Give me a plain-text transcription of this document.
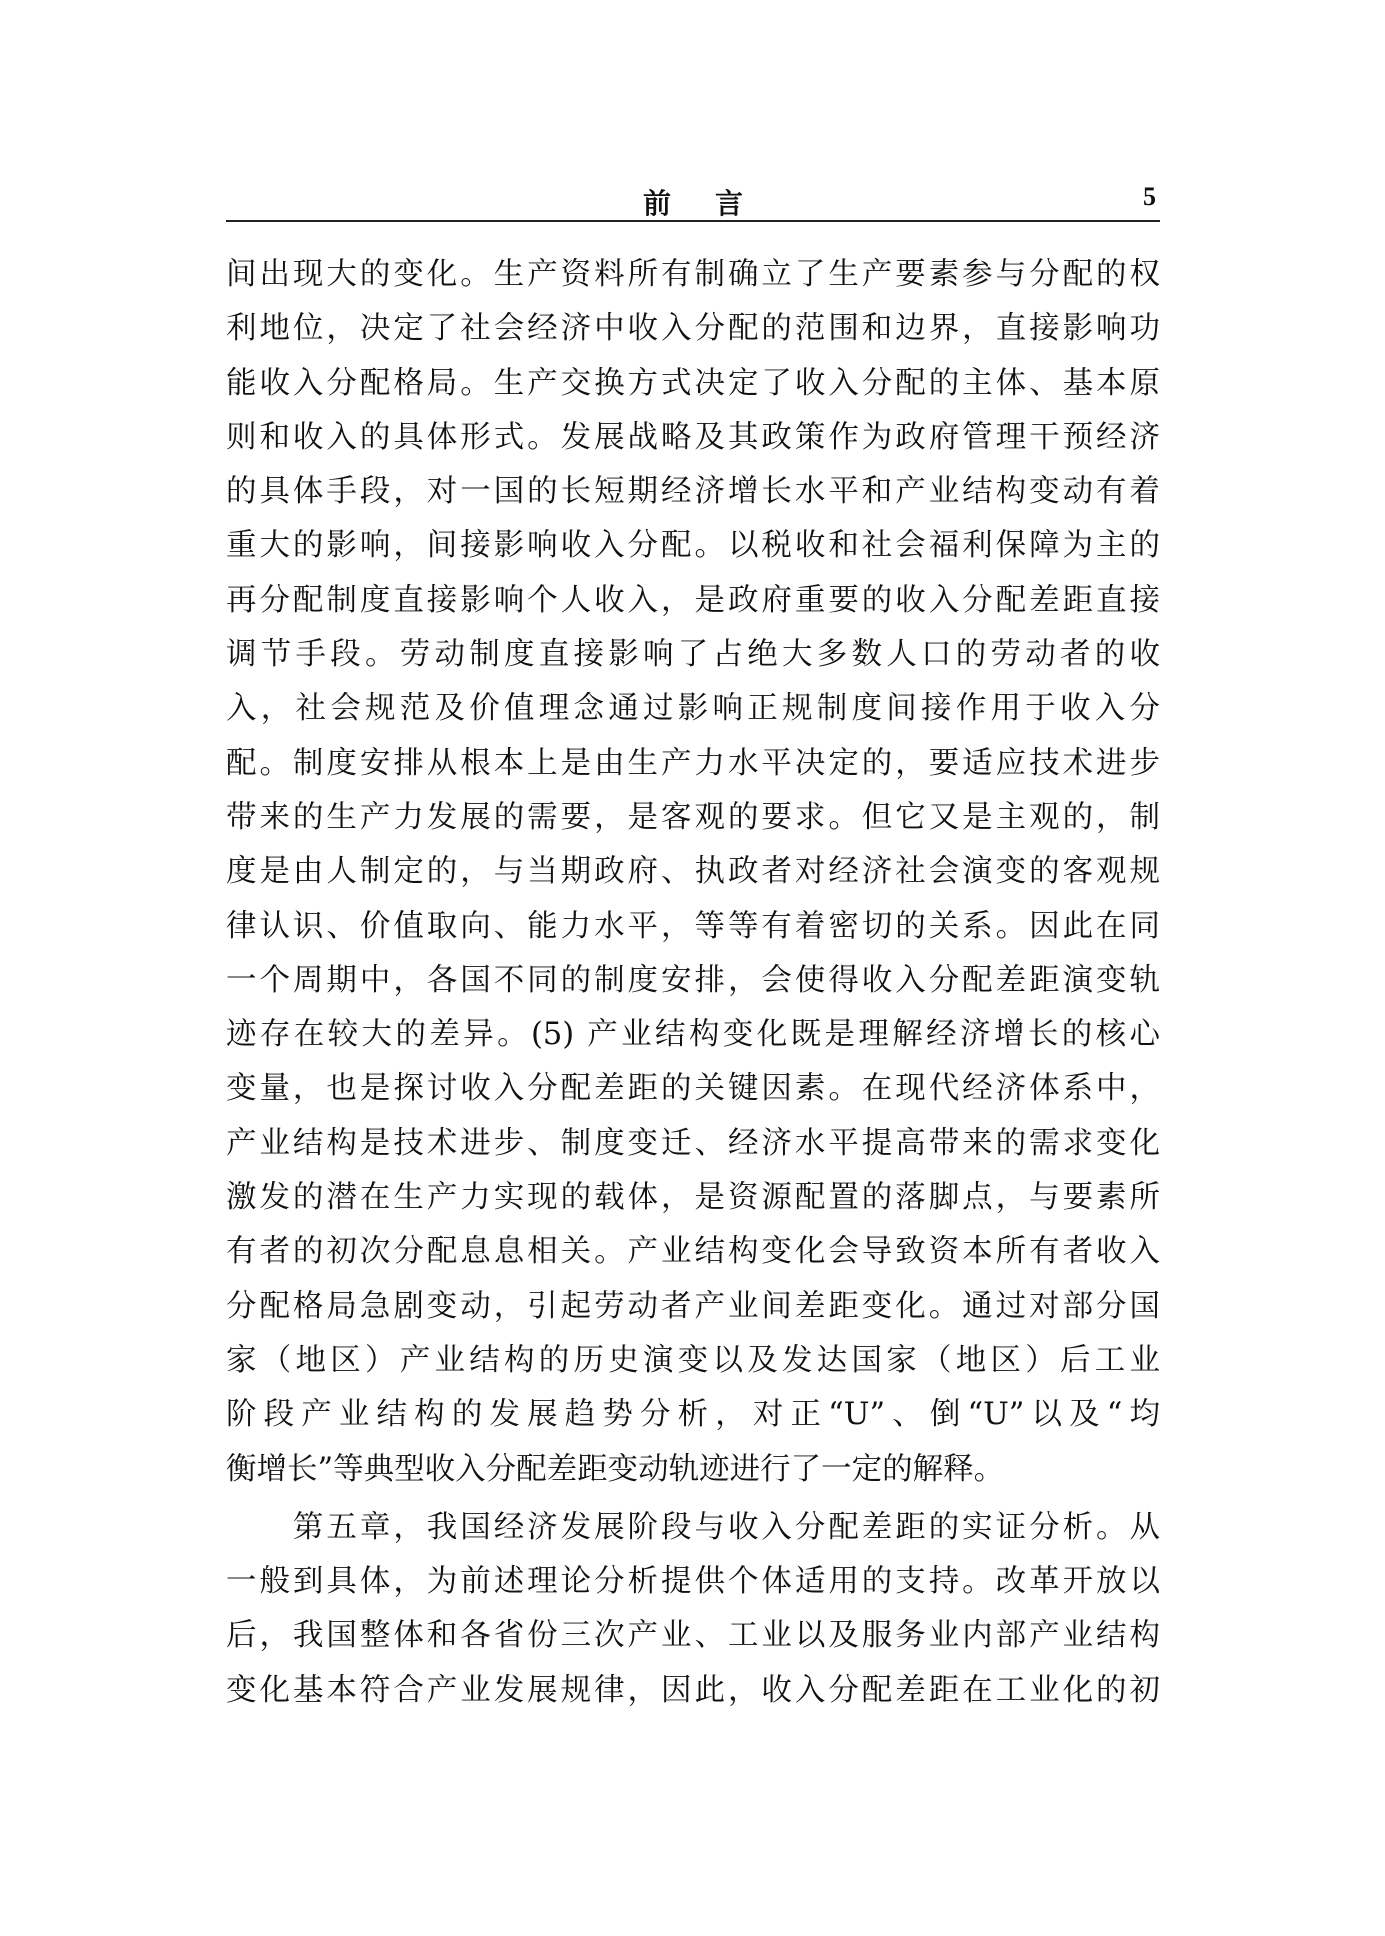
前言	5
间出现大的变化。生产资料所有制确立了生产要素参与分配的权
利地位，决定了社会经济中收入分配的范围和边界，直接影响功
能收入分配格局。生产交换方式决定了收入分配的主体、基本原
则和收入的具体形式。发展战略及其政策作为政府管理干预经济
的具体手段，对一国的长短期经济增长水平和产业结构变动有着
重大的影响，间接影响收入分配。以税收和社会福利保障为主的
再分配制度直接影响个人收入，是政府重要的收入分配差距直接
调节手段。劳动制度直接影响了占绝大多数人口的劳动者的收
入，社会规范及价值理念通过影响正规制度间接作用于收入分
配。制度安排从根本上是由生产力水平决定的，要适应技术进步
带来的生产力发展的需要，是客观的要求。但它又是主观的，制
度是由人制定的，与当期政府、执政者对经济社会演变的客观规
律认识、价值取向、能力水平，等等有着密切的关系。因此在同
一个周期中，各国不同的制度安排，会使得收入分配差距演变轨
迹存在较大的差异。(5) 产业结构变化既是理解经济增长的核心
变量，也是探讨收入分配差距的关键因素。在现代经济体系中，
产业结构是技术进步、制度变迁、经济水平提高带来的需求变化
激发的潜在生产力实现的载体，是资源配置的落脚点，与要素所
有者的初次分配息息相关。产业结构变化会导致资本所有者收入
分配格局急剧变动，引起劳动者产业间差距变化。通过对部分国
家（地区）产业结构的历史演变以及发达国家（地区）后工业
阶段产业结构的发展趋势分析，对正“U”、倒“U”以及“均
衡增长”等典型收入分配差距变动轨迹进行了一定的解释。
　　第五章，我国经济发展阶段与收入分配差距的实证分析。从
一般到具体，为前述理论分析提供个体适用的支持。改革开放以
后，我国整体和各省份三次产业、工业以及服务业内部产业结构
变化基本符合产业发展规律，因此，收入分配差距在工业化的初
